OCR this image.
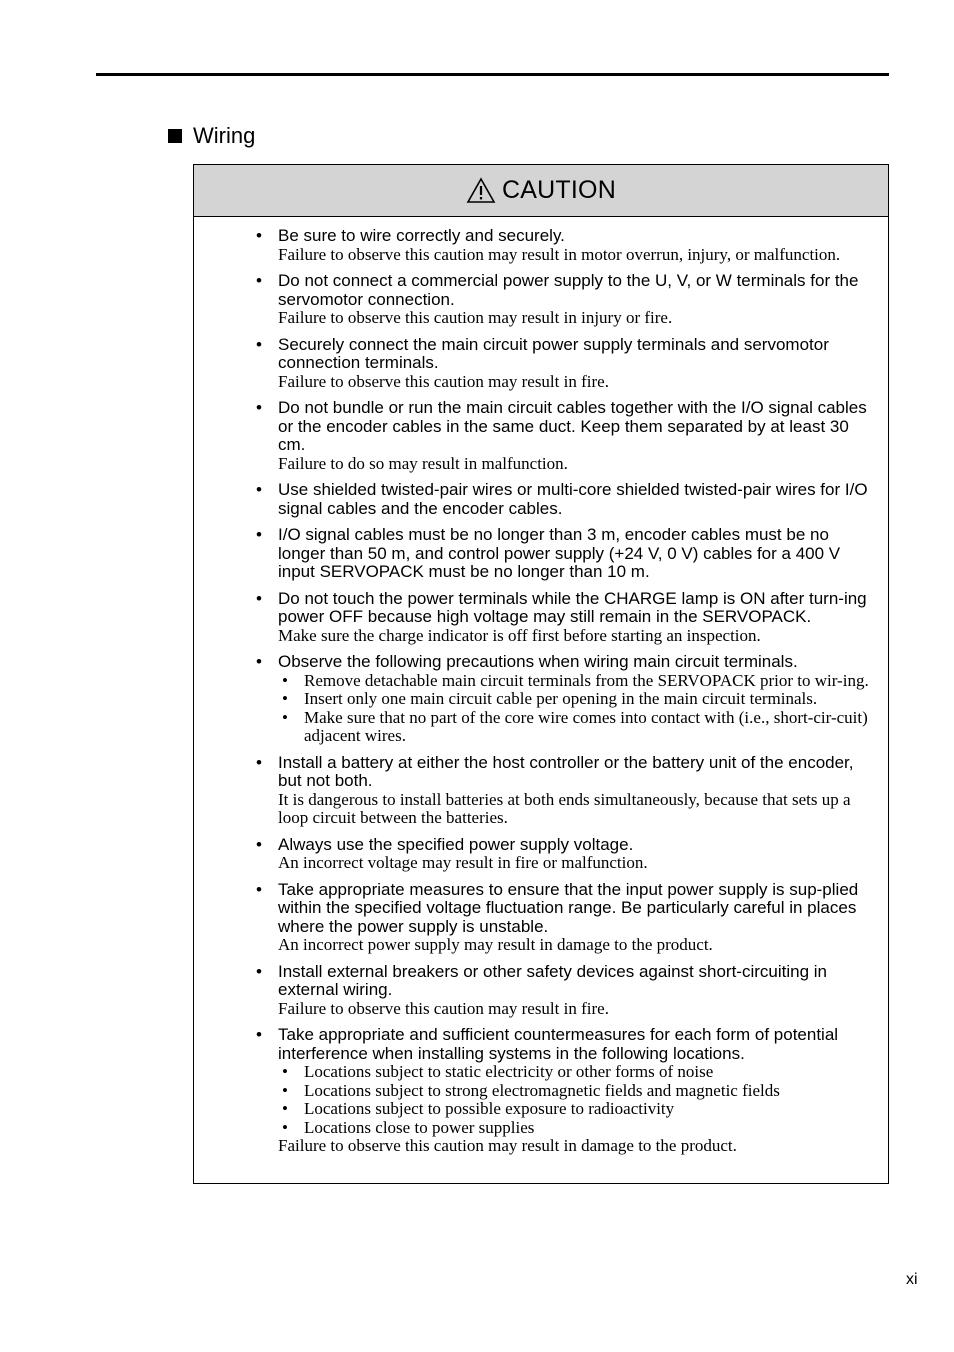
Wiring
CAUTION
• Be sure to wire correctly and securely.
Failure to observe this caution may result in motor overrun, injury, or malfunction.
• Do not connect a commercial power supply to the U, V, or W terminals for the servomotor connection.
Failure to observe this caution may result in injury or fire.
• Securely connect the main circuit power supply terminals and servomotor connection terminals.
Failure to observe this caution may result in fire.
• Do not bundle or run the main circuit cables together with the I/O signal cables or the encoder cables in the same duct. Keep them separated by at least 30 cm.
Failure to do so may result in malfunction.
• Use shielded twisted-pair wires or multi-core shielded twisted-pair wires for I/O signal cables and the encoder cables.
• I/O signal cables must be no longer than 3 m, encoder cables must be no longer than 50 m, and control power supply (+24 V, 0 V) cables for a 400 V input SERVOPACK must be no longer than 10 m.
• Do not touch the power terminals while the CHARGE lamp is ON after turn-ing power OFF because high voltage may still remain in the SERVOPACK.
Make sure the charge indicator is off first before starting an inspection.
• Observe the following precautions when wiring main circuit terminals.
• Remove detachable main circuit terminals from the SERVOPACK prior to wir-ing.
• Insert only one main circuit cable per opening in the main circuit terminals.
• Make sure that no part of the core wire comes into contact with (i.e., short-cir-cuit) adjacent wires.
• Install a battery at either the host controller or the battery unit of the encoder, but not both.
It is dangerous to install batteries at both ends simultaneously, because that sets up a loop circuit between the batteries.
• Always use the specified power supply voltage.
An incorrect voltage may result in fire or malfunction.
• Take appropriate measures to ensure that the input power supply is sup-plied within the specified voltage fluctuation range. Be particularly careful in places where the power supply is unstable.
An incorrect power supply may result in damage to the product.
• Install external breakers or other safety devices against short-circuiting in external wiring.
Failure to observe this caution may result in fire.
• Take appropriate and sufficient countermeasures for each form of potential interference when installing systems in the following locations.
• Locations subject to static electricity or other forms of noise
• Locations subject to strong electromagnetic fields and magnetic fields
• Locations subject to possible exposure to radioactivity
• Locations close to power supplies
Failure to observe this caution may result in damage to the product.
xi
